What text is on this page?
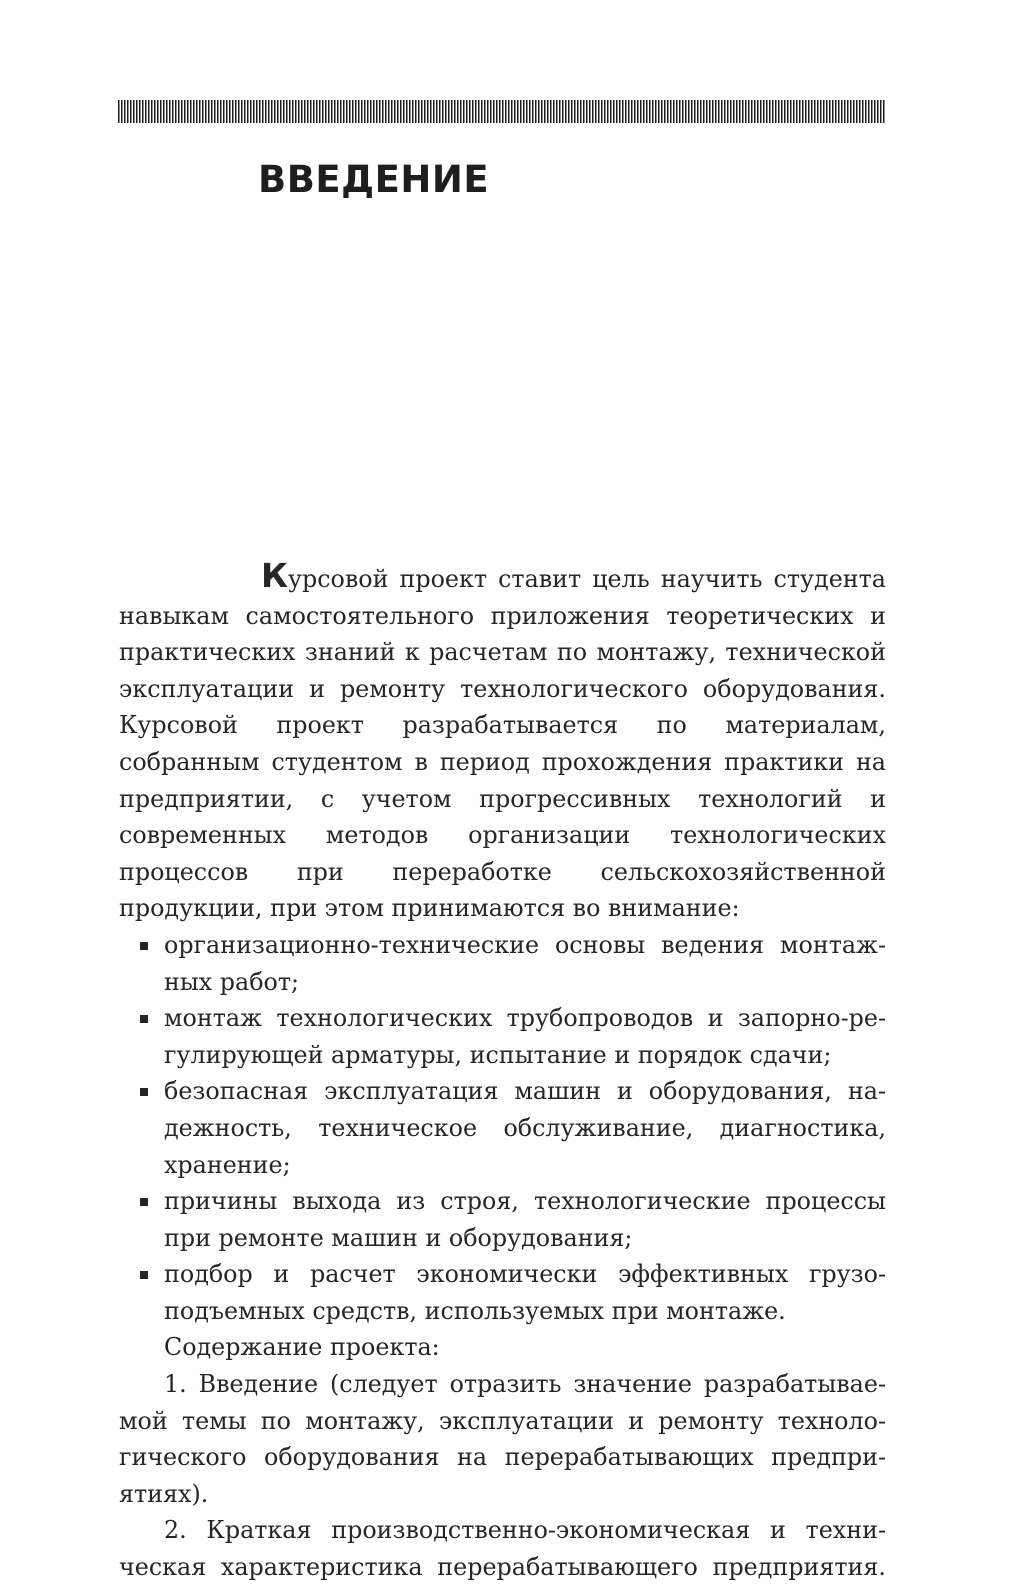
ВВЕДЕНИЕ
Курсовой проект ставит цель научить студента
навыкам самостоятельного приложения теоретических и
практических знаний к расчетам по монтажу, технической
эксплуатации и ремонту технологического оборудования.
Курсовой проект разрабатывается по материалам,
собранным студентом в период прохождения практики на
предприятии, с учетом прогрессивных технологий и
современных методов организации технологических
процессов при переработке сельскохозяйственной
продукции, при этом принимаются во внимание:
организационно-технические основы ведения монтаж-
ных работ;
монтаж технологических трубопроводов и запорно-ре-
гулирующей арматуры, испытание и порядок сдачи;
безопасная эксплуатация машин и оборудования, на-
дежность, техническое обслуживание, диагностика,
хранение;
причины выхода из строя, технологические процессы
при ремонте машин и оборудования;
подбор и расчет экономически эффективных грузо-
подъемных средств, используемых при монтаже.
Содержание проекта:
1. Введение (следует отразить значение разрабатывае-
мой темы по монтажу, эксплуатации и ремонту техноло-
гического оборудования на перерабатывающих предпри-
ятиях).
2. Краткая производственно-экономическая и техни-
ческая характеристика перерабатывающего предприятия.
